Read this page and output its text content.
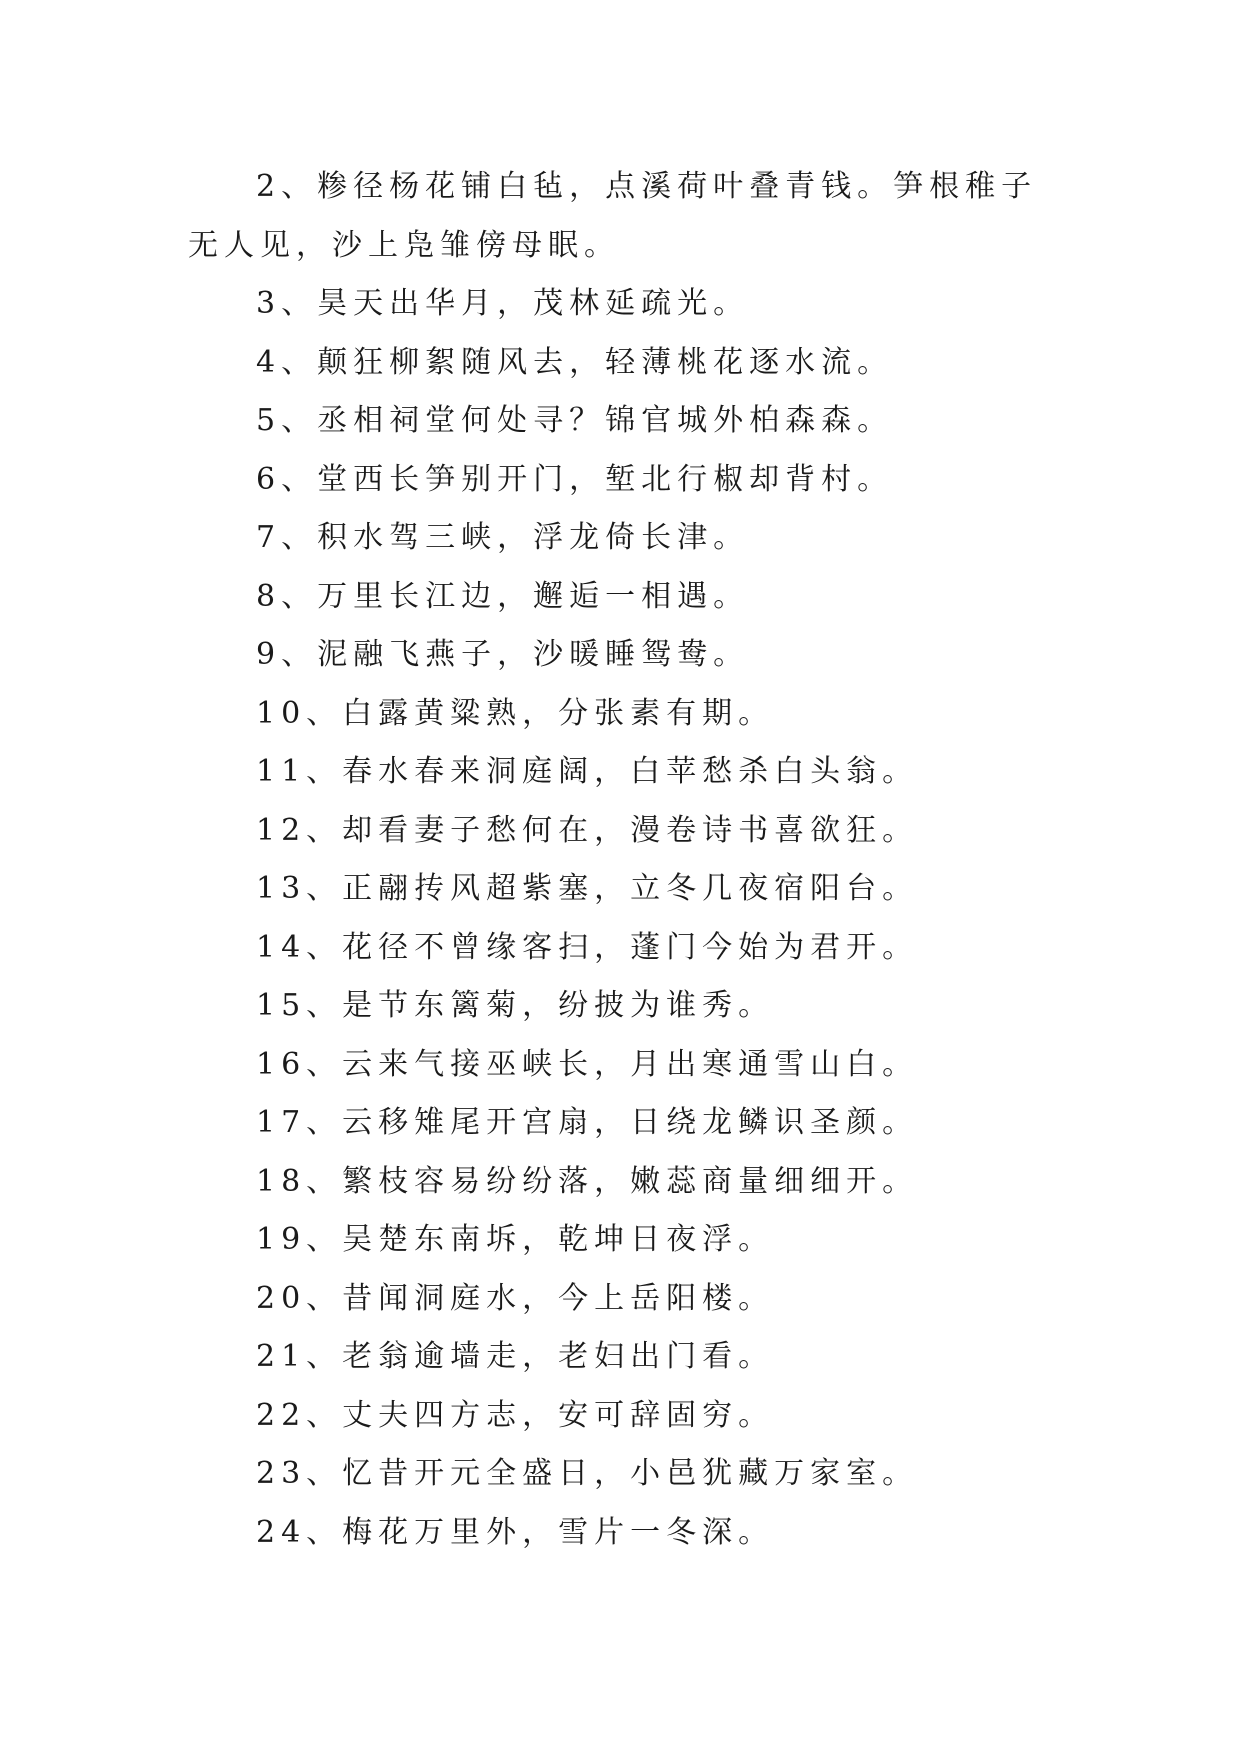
2、糁径杨花铺白毡，点溪荷叶叠青钱。笋根稚子无人见，沙上凫雏傍母眠。

3、昊天出华月，茂林延疏光。

4、颠狂柳絮随风去，轻薄桃花逐水流。

5、丞相祠堂何处寻？锦官城外柏森森。

6、堂西长笋别开门，堑北行椒却背村。

7、积水驾三峡，浮龙倚长津。

8、万里长江边，邂逅一相遇。

9、泥融飞燕子，沙暖睡鸳鸯。

10、白露黄粱熟，分张素有期。

11、春水春来洞庭阔，白苹愁杀白头翁。

12、却看妻子愁何在，漫卷诗书喜欲狂。

13、正翮抟风超紫塞，立冬几夜宿阳台。

14、花径不曾缘客扫，蓬门今始为君开。

15、是节东篱菊，纷披为谁秀。

16、云来气接巫峡长，月出寒通雪山白。

17、云移雉尾开宫扇，日绕龙鳞识圣颜。

18、繁枝容易纷纷落，嫩蕊商量细细开。

19、吴楚东南坼，乾坤日夜浮。

20、昔闻洞庭水，今上岳阳楼。

21、老翁逾墙走，老妇出门看。

22、丈夫四方志，安可辞固穷。

23、忆昔开元全盛日，小邑犹藏万家室。

24、梅花万里外，雪片一冬深。
